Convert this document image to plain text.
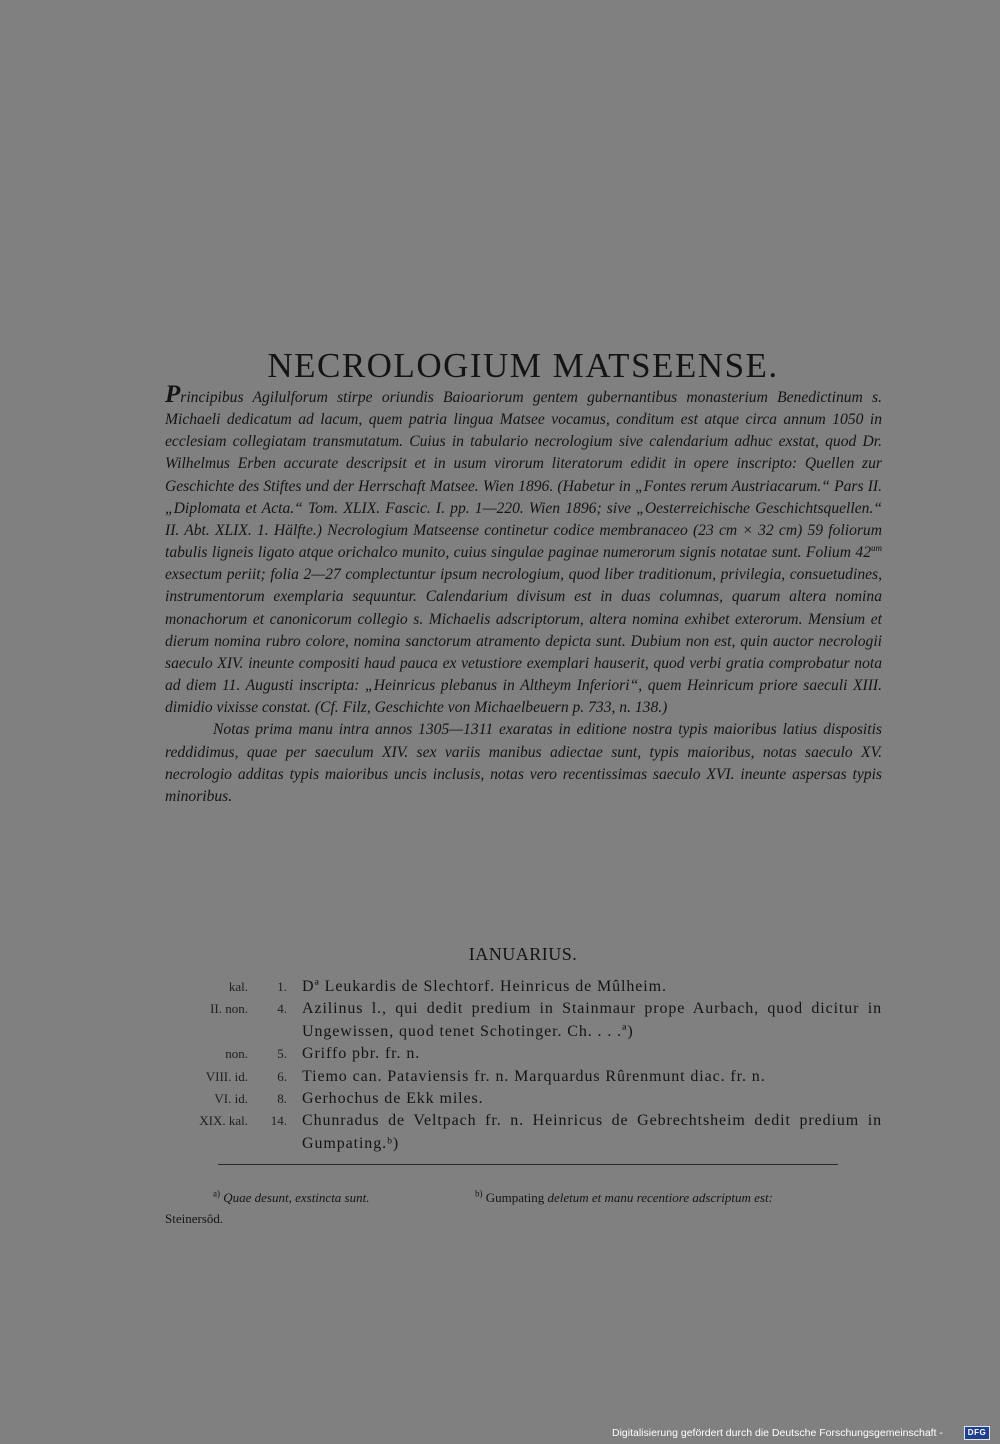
NECROLOGIUM MATSEENSE.

Principibus Agilulforum stirpe oriundis Baioariorum gentem gubernantibus monasterium Benedictinum s. Michaeli dedicatum ad lacum, quem patria lingua Matsee vocamus, conditum est atque circa annum 1050 in ecclesiam collegiatam transmutatum. Cuius in tabulario necrologium sive calendarium adhuc exstat, quod Dr. Wilhelmus Erben accurate descripsit et in usum virorum literatorum edidit in opere inscripto: Quellen zur Geschichte des Stiftes und der Herrschaft Matsee. Wien 1896. (Habetur in „Fontes rerum Austriacarum.“ Pars II. „Diplomata et Acta.“ Tom. XLIX. Fascic. I. pp. 1—220. Wien 1896; sive „Oesterreichische Geschichtsquellen.“ II. Abt. XLIX. 1. Hälfte.) Necrologium Matseense continetur codice membranaceo (23 cm × 32 cm) 59 foliorum tabulis ligneis ligato atque orichalco munito, cuius singulae paginae numerorum signis notatae sunt. Folium $42^{um}$ exsectum periit; folia 2—27 complectuntur ipsum necrologium, quod liber traditionum, privilegia, consuetudines, instrumentorum exemplaria sequuntur. Calendarium divisum est in duas columnas, quarum altera nomina monachorum et canonicorum collegio s. Michaelis adscriptorum, altera nomina exhibet exterorum. Mensium et dierum nomina rubro colore, nomina sanctorum atramento depicta sunt. Dubium non est, quin auctor necrologii saeculo XIV. ineunte compositi haud pauca ex vetustiore exemplari hauserit, quod verbi gratia comprobatur nota ad diem 11. Augusti inscripta: „Heinricus plebanus in Altheym Inferiori“, quem Heinricum priore saeculi XIII. dimidio vixisse constat. (Cf. Filz, Geschichte von Michaelbeuern p. 733, n. 138.)

Notas prima manu intra annos 1305—1311 exaratas in editione nostra typis maioribus latius dispositis reddidimus, quae per saeculum XIV. sex variis manibus adiectae sunt, typis maioribus, notas saeculo XV. necrologio additas typis maioribus uncis inclusis, notas vero recentissimas saeculo XVI. ineunte aspersas typis minoribus.

IANUARIUS.
kal.	1. Dª Leukardis de Slechtorf. Heinricus de Mûlheim.
II. non.	4. Azilinus l., qui dedit predium in Stainmaur prope Aurbach, quod dicitur in Ungewissen, quod tenet Schotinger. Ch. . . .ª)
non.	5. Griffo pbr. fr. n.
VIII. id.	6. Tiemo can. Pataviensis fr. n. Marquardus Rûrenmunt diac. fr. n.
VI. id.	8. Gerhochus de Ekk miles.
XIX. kal.	14. Chunradus de Veltpach fr. n. Heinricus de Gebrechtsheim dedit predium in Gumpating.ᵇ)
$^{a)}$ Quae desunt, exstincta sunt.	$^{b)}$ Gumpating deletum et manu recentiore adscriptum est:
Steinersôd.
Digitalisierung gefördert durch die Deutsche Forschungsgemeinschaft -	DFG
